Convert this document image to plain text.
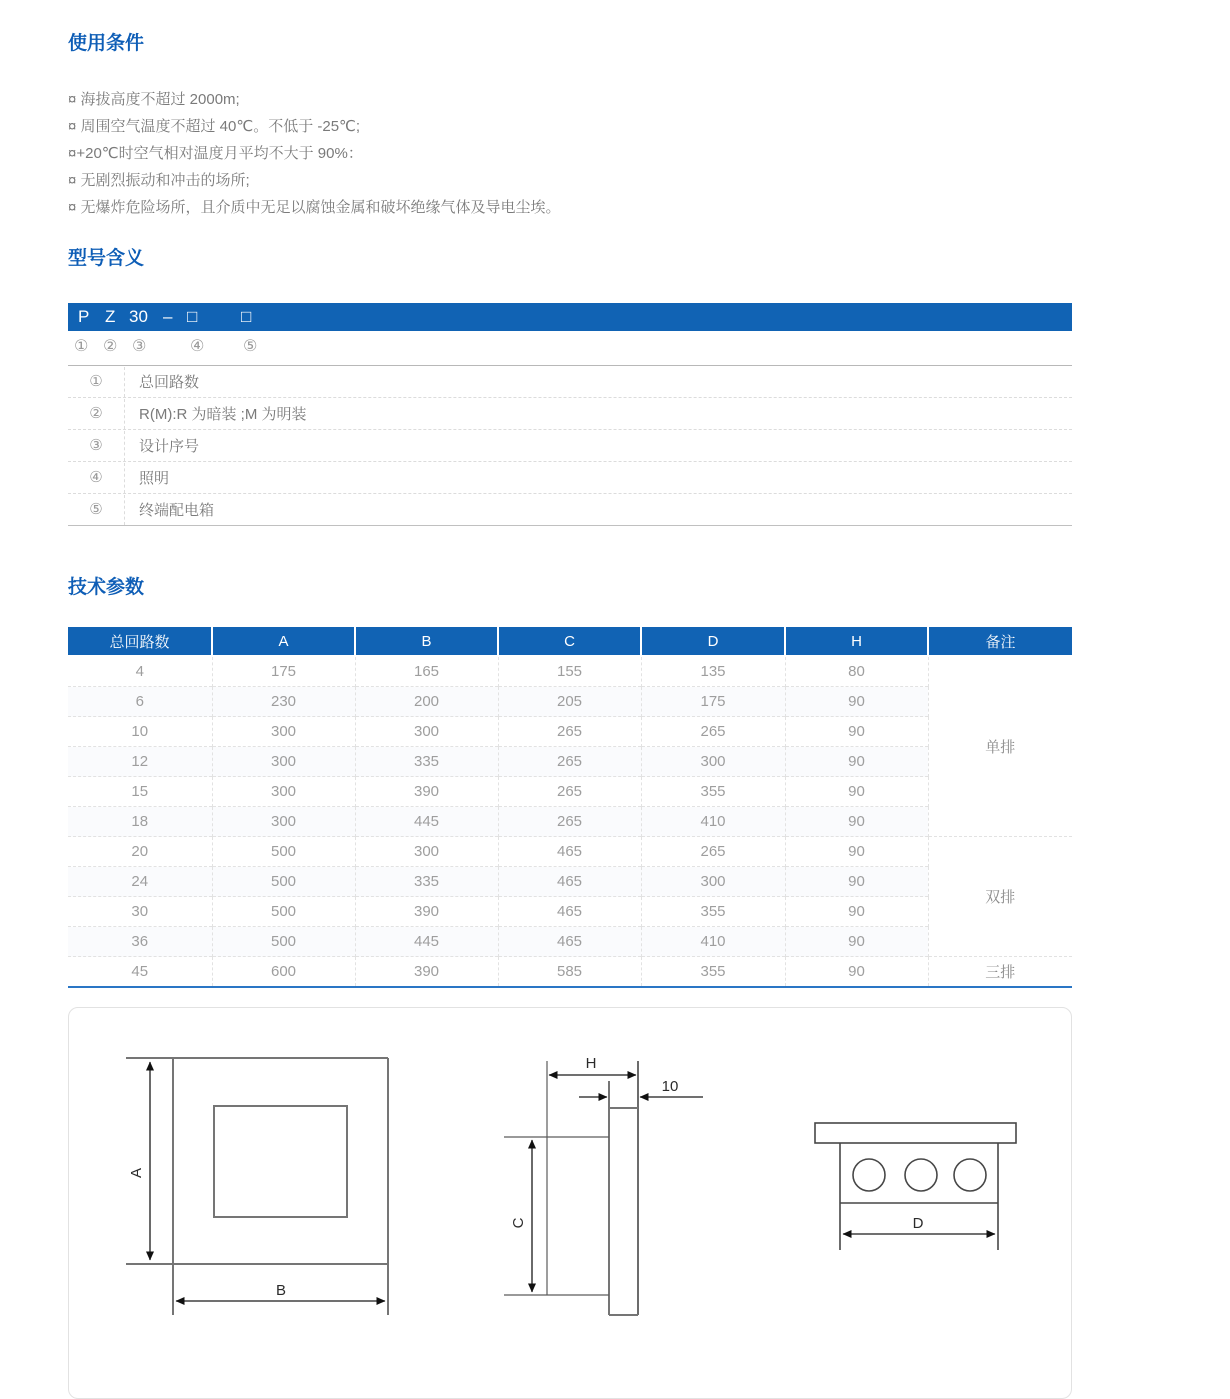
使用条件
¤ 海拔高度不超过 2000m;
¤ 周围空气温度不超过 40℃。不低于 -25℃;
¤+20℃时空气相对温度月平均不大于 90%：
¤ 无剧烈振动和冲击的场所;
¤ 无爆炸危险场所，且介质中无足以腐蚀金属和破坏绝缘气体及导电尘埃。
型号含义
P Z 30 – □	□
① ② ③	④ ⑤
①	总回路数
②	R(M):R 为暗装 ;M 为明装
③	设计序号
④	照明
⑤	终端配电箱
技术参数
总回路数	A	B	C	D	H	备注
4	175	165	155	135	80	单排
6	230	200	205	175	90	
10	300	300	265	265	90	
12	300	335	265	300	90	
15	300	390	265	355	90	
18	300	445	265	410	90	
20	500	300	465	265	90	双排
24	500	335	465	300	90	
30	500	390	465	355	90	
36	500	445	465	410	90	
45	600	390	585	355	90	三排
A
B
H
10
C	D
